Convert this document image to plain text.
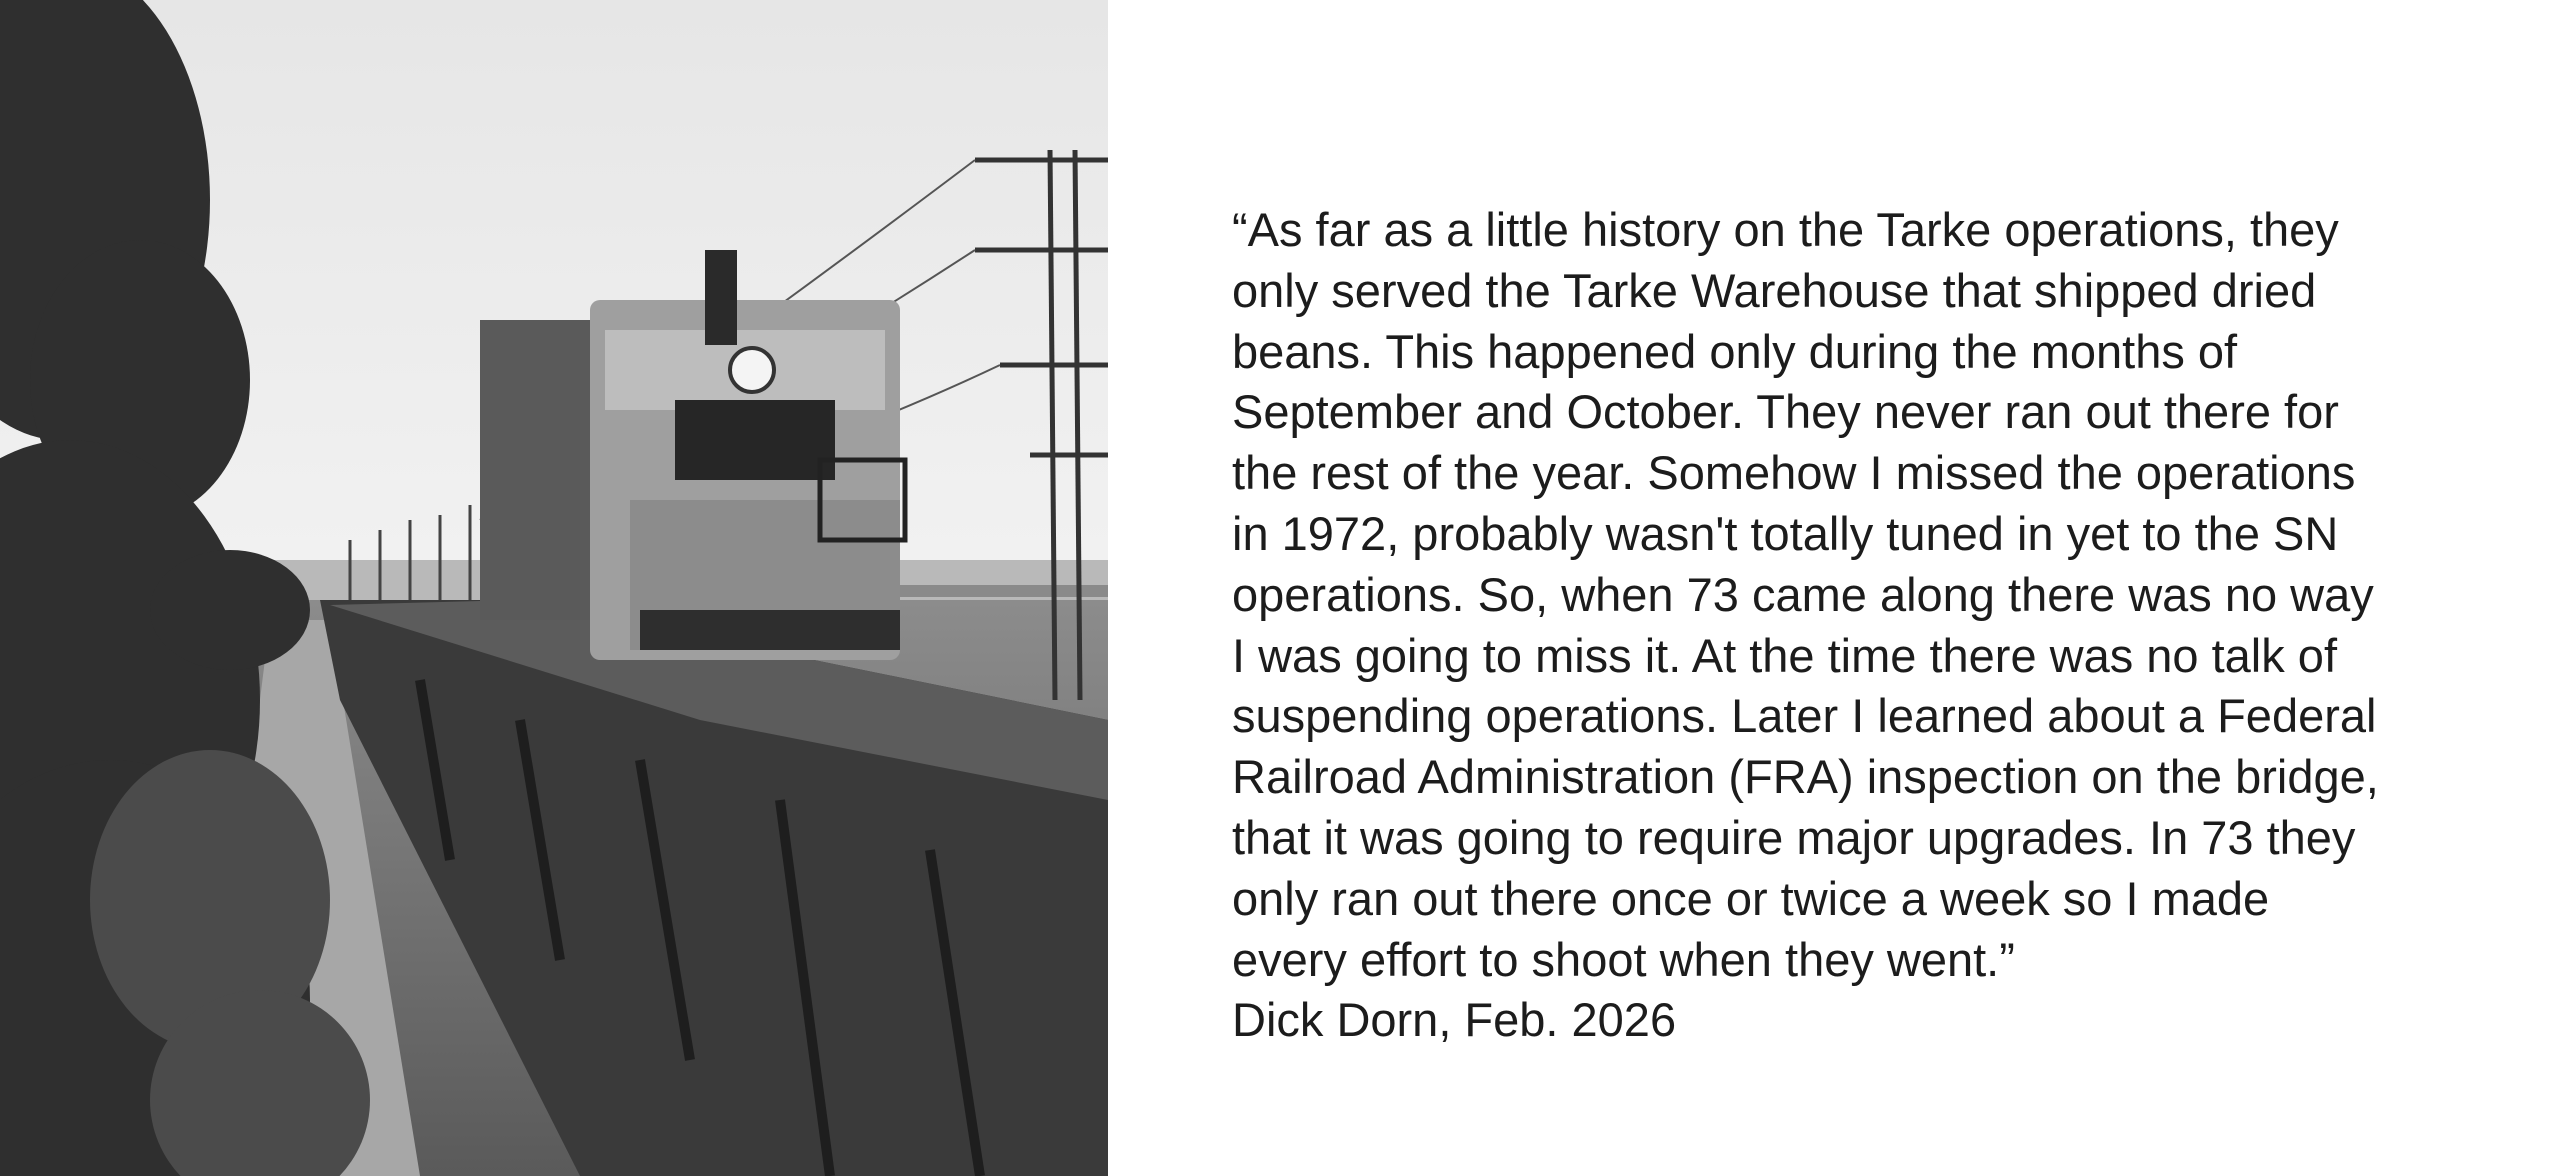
“As far as a little history on the Tarke operations, they
only served the Tarke Warehouse that shipped dried
beans. This happened only during the months of
September and October. They never ran out there for
the rest of the year. Somehow I missed the operations
in 1972, probably wasn't totally tuned in yet to the SN
operations. So, when 73 came along there was no way
I was going to miss it. At the time there was no talk of
suspending operations. Later I learned about a Federal
Railroad Administration (FRA) inspection on the bridge,
that it was going to require major upgrades. In 73 they
only ran out there once or twice a week so I made
every effort to shoot when they went.”
Dick Dorn, Feb. 2026
